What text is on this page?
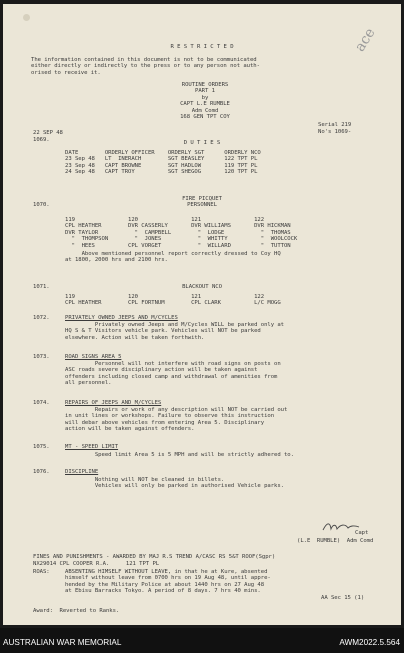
ace
R E S T R I C T E D
The information contained in this document is not to be communicated
either directly or indirectly to the press or to any person not auth-
orised to receive it.
ROUTINE ORDERS
PART 1
by
CAPT L.E RUMBLE
Adm Comd
168 GEN TPT COY
Serial 219
No's 1069-
22 SEP 48
1069.	D U T I E S
DATE        ORDERLY OFFICER    ORDERLY SGT      ORDERLY NCO
23 Sep 48   LT  INERACH        SGT BEASLEY      122 TPT PL
23 Sep 48   CAPT BROWNE        SGT HADLOW       119 TPT PL
24 Sep 48   CAPT TROY          SGT SHEGOG       120 TPT PL
1070.
FIRE PICQUET
PERSONNEL
119                120                121                122
CPL HEATHER        DVR CASSERLY       DVR WILLIAMS       DVR HICKMAN
DVR TAYLOR           "  CAMPBELL        "  LODGE           "  THOMAS
"  THOMPSON        "  JONES           "  WHITTY          "  WOOLCOCK
"  HEES          CPL VORGET           "  WILLARD         "  TUTTON
Above mentioned personnel report correctly dressed to Coy HQ
at 1800, 2000 hrs and 2100 hrs.
1071.	BLACKOUT NCO
119                120                121                122
CPL HEATHER        CPL FORTNUM        CPL CLARK          L/C MOGG
1072.	PRIVATELY OWNED JEEPS AND M/CYCLES
Privately owned Jeeps and M/Cycles WILL be parked only at
HQ S & T Visitors vehicle park. Vehicles will NOT be parked
elsewhere. Action will be taken forthwith.
1073.	ROAD SIGNS AREA 5
Personnel will not interfere with road signs on posts on
ASC roads severe disciplinary action will be taken against
offenders including closed camp and withdrawal of amenities from
all personnel.
1074.	REPAIRS OF JEEPS AND M/CYCLES
Repairs or work of any description will NOT be carried out
in unit lines or workshops. Failure to observe this instruction
will debar above vehicles from entering Area 5. Disciplinary
action will be taken against offenders.
1075.	MT - SPEED LIMIT
Speed limit Area 5 is 5 MPH and will be strictly adhered to.
1076.	DISCIPLINE
Nothing will NOT be cleaned in billets.
Vehicles will only be parked in authorised Vehicle parks.
Capt
(L.E  RUMBLE)  Adm Comd
FINES AND PUNISHMENTS - AWARDED BY MAJ R.S TREND A/CASC RS 5&T ROOF(Sgpr)
NX29014 CPL COOPER R.A.     121 TPT PL
ROAS:	ABSENTING HIMSELF WITHOUT LEAVE, in that he at Kure, absented
himself without leave from 0700 hrs on 19 Aug 48, until appre-
hended by the Military Police at about 1440 hrs on 27 Aug 48
at Ebisu Barracks Tokyo. A period of 8 days. 7 hrs 40 mins.
AA Sec 15 (1)
Award:  Reverted to Ranks.
AUSTRALIAN WAR MEMORIAL	AWM2022.5.564
